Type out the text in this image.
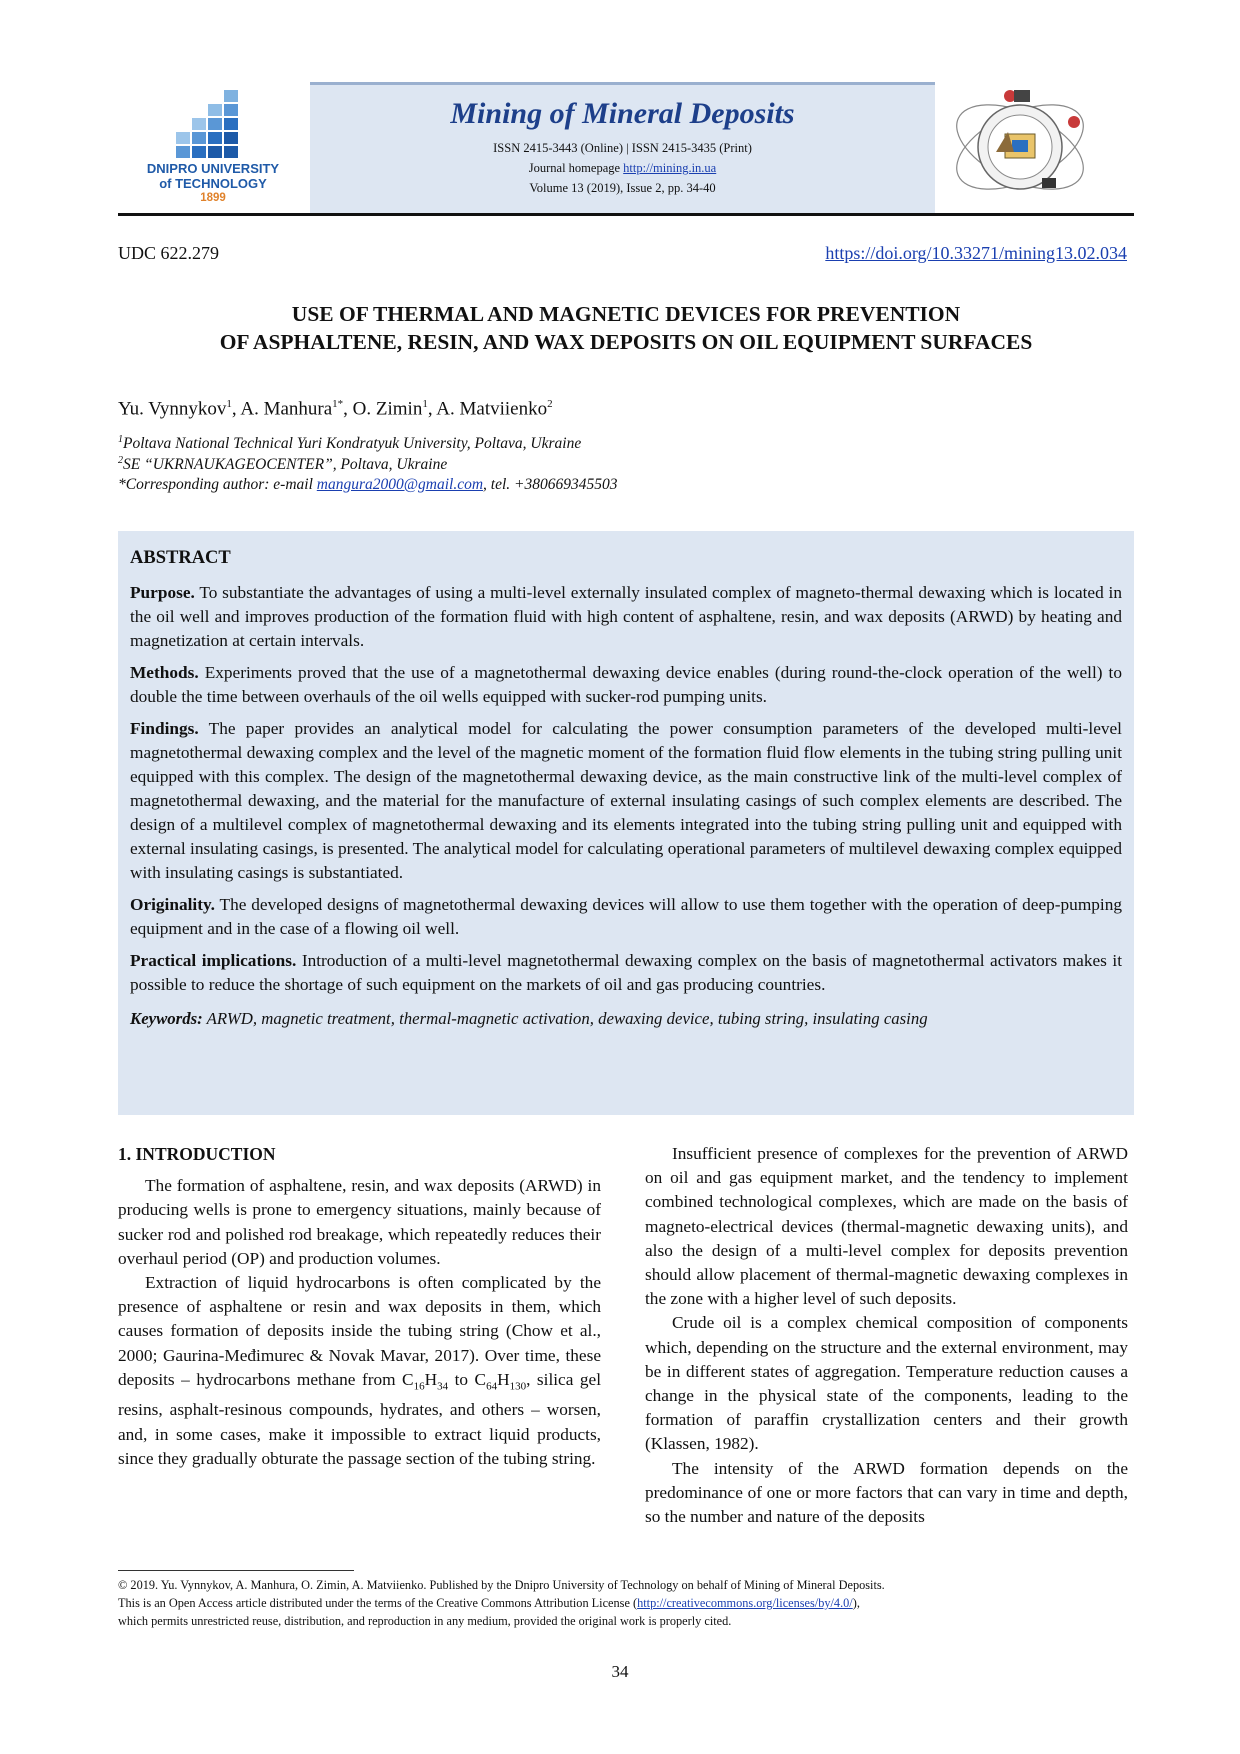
DNIPRO UNIVERSITY
of TECHNOLOGY
1899
Mining of Mineral Deposits
ISSN 2415-3443 (Online) | ISSN 2415-3435 (Print)
Journal homepage http://mining.in.ua
Volume 13 (2019), Issue 2, pp. 34-40
UDC 622.279	https://doi.org/10.33271/mining13.02.034
USE OF THERMAL AND MAGNETIC DEVICES FOR PREVENTION
OF ASPHALTENE, RESIN, AND WAX DEPOSITS ON OIL EQUIPMENT SURFACES
Yu. Vynnykov$^1$, A. Manhura$^{1*}$, O. Zimin$^1$, A. Matviienko$^2$
$^1$Poltava National Technical Yuri Kondratyuk University, Poltava, Ukraine
$^2$SE “UKRNAUKAGEOCENTER”, Poltava, Ukraine
*Corresponding author: e-mail mangura2000@gmail.com, tel. +380669345503
ABSTRACT

Purpose. To substantiate the advantages of using a multi-level externally insulated complex of magneto-thermal dewaxing which is located in the oil well and improves production of the formation fluid with high content of asphaltene, resin, and wax deposits (ARWD) by heating and magnetization at certain intervals.

Methods. Experiments proved that the use of a magnetothermal dewaxing device enables (during round-the-clock operation of the well) to double the time between overhauls of the oil wells equipped with sucker-rod pumping units.

Findings. The paper provides an analytical model for calculating the power consumption parameters of the developed multi-level magnetothermal dewaxing complex and the level of the magnetic moment of the formation fluid flow elements in the tubing string pulling unit equipped with this complex. The design of the magnetothermal dewaxing device, as the main constructive link of the multi-level complex of magnetothermal dewaxing, and the material for the manufacture of external insulating casings of such complex elements are described. The design of a multilevel complex of magnetothermal dewaxing and its elements integrated into the tubing string pulling unit and equipped with external insulating casings, is presented. The analytical model for calculating operational parameters of multilevel dewaxing complex equipped with insulating casings is substantiated.

Originality. The developed designs of magnetothermal dewaxing devices will allow to use them together with the operation of deep-pumping equipment and in the case of a flowing oil well.

Practical implications. Introduction of a multi-level magnetothermal dewaxing complex on the basis of magnetothermal activators makes it possible to reduce the shortage of such equipment on the markets of oil and gas producing countries.

Keywords: ARWD, magnetic treatment, thermal-magnetic activation, dewaxing device, tubing string, insulating casing
1. INTRODUCTION

The formation of asphaltene, resin, and wax deposits (ARWD) in producing wells is prone to emergency situations, mainly because of sucker rod and polished rod breakage, which repeatedly reduces their overhaul period (OP) and production volumes.

Extraction of liquid hydrocarbons is often complicated by the presence of asphaltene or resin and wax deposits in them, which causes formation of deposits inside the tubing string (Chow et al., 2000; Gaurina-Međimurec & Novak Mavar, 2017). Over time, these deposits – hydrocarbons methane from $C_{16}H_{34}$ to $C_{64}H_{130}$, silica gel resins, asphalt-resinous compounds, hydrates, and others – worsen, and, in some cases, make it impossible to extract liquid products, since they gradually obturate the passage section of the tubing string.

Insufficient presence of complexes for the prevention of ARWD on oil and gas equipment market, and the tendency to implement combined technological complexes, which are made on the basis of magneto-electrical devices (thermal-magnetic dewaxing units), and also the design of a multi-level complex for deposits prevention should allow placement of thermal-magnetic dewaxing complexes in the zone with a higher level of such deposits.

Crude oil is a complex chemical composition of components which, depending on the structure and the external environment, may be in different states of aggregation. Temperature reduction causes a change in the physical state of the components, leading to the formation of paraffin crystallization centers and their growth (Klassen, 1982).

The intensity of the ARWD formation depends on the predominance of one or more factors that can vary in time and depth, so the number and nature of the deposits

© 2019. Yu. Vynnykov, A. Manhura, O. Zimin, A. Matviienko. Published by the Dnipro University of Technology on behalf of Mining of Mineral Deposits.
This is an Open Access article distributed under the terms of the Creative Commons Attribution License (http://creativecommons.org/licenses/by/4.0/),
which permits unrestricted reuse, distribution, and reproduction in any medium, provided the original work is properly cited.
34
